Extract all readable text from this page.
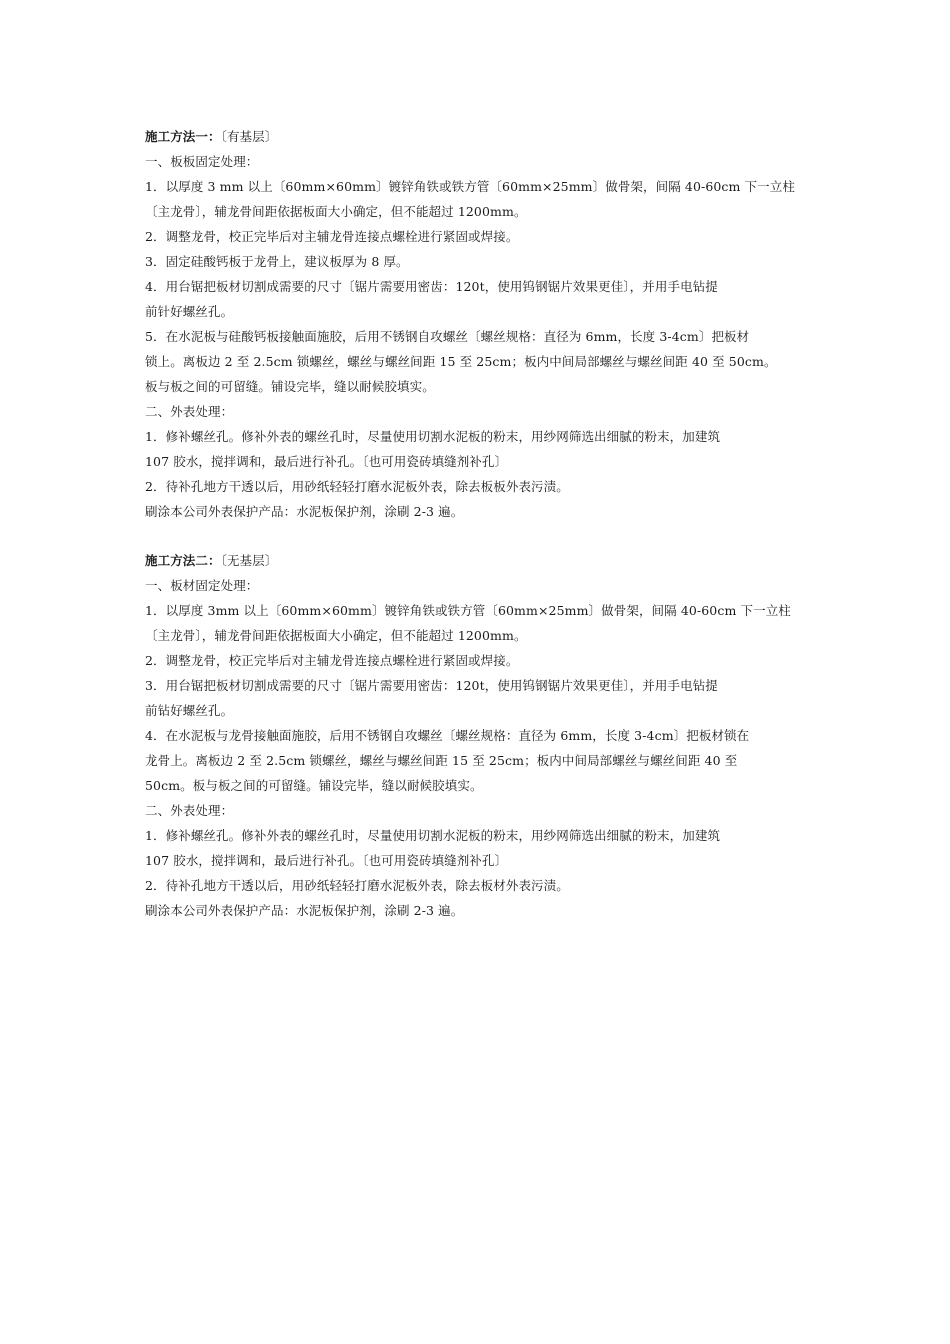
施工方法一：〔有基层〕
一、板板固定处理：
1．以厚度 3 mm 以上〔60mm×60mm〕镀锌角铁或铁方管〔60mm×25mm〕做骨架，间隔 40-60cm 下一立柱
〔主龙骨〕，辅龙骨间距依据板面大小确定，但不能超过 1200mm。
2．调整龙骨，校正完毕后对主辅龙骨连接点螺栓进行紧固或焊接。
3．固定硅酸钙板于龙骨上，建议板厚为 8 厚。
4．用台锯把板材切割成需要的尺寸〔锯片需要用密齿：120t，使用钨钢锯片效果更佳〕，并用手电钻提
前针好螺丝孔。
5．在水泥板与硅酸钙板接触面施胶，后用不锈钢自攻螺丝〔螺丝规格：直径为 6mm，长度 3-4cm〕把板材
锁上。离板边 2 至 2.5cm 锁螺丝，螺丝与螺丝间距 15 至 25cm；板内中间局部螺丝与螺丝间距 40 至 50cm。
板与板之间的可留缝。铺设完毕，缝以耐候胶填实。
二、外表处理：
1．修补螺丝孔。修补外表的螺丝孔时，尽量使用切割水泥板的粉末，用纱网筛选出细腻的粉末，加建筑
107 胶水，搅拌调和，最后进行补孔。〔也可用瓷砖填缝剂补孔〕
2．待补孔地方干透以后，用砂纸轻轻打磨水泥板外表，除去板板外表污渍。
刷涂本公司外表保护产品：水泥板保护剂，涂刷 2-3 遍。
施工方法二：〔无基层〕
一、板材固定处理：
1．以厚度 3mm 以上〔60mm×60mm〕镀锌角铁或铁方管〔60mm×25mm〕做骨架，间隔 40-60cm 下一立柱
〔主龙骨〕，辅龙骨间距依据板面大小确定，但不能超过 1200mm。
2．调整龙骨，校正完毕后对主辅龙骨连接点螺栓进行紧固或焊接。
3．用台锯把板材切割成需要的尺寸〔锯片需要用密齿：120t，使用钨钢锯片效果更佳〕，并用手电钻提
前钻好螺丝孔。
4．在水泥板与龙骨接触面施胶，后用不锈钢自攻螺丝〔螺丝规格：直径为 6mm，长度 3-4cm〕把板材锁在
龙骨上。离板边 2 至 2.5cm 锁螺丝，螺丝与螺丝间距 15 至 25cm；板内中间局部螺丝与螺丝间距 40 至
50cm。板与板之间的可留缝。铺设完毕，缝以耐候胶填实。
二、外表处理：
1．修补螺丝孔。修补外表的螺丝孔时，尽量使用切割水泥板的粉末，用纱网筛选出细腻的粉末，加建筑
107 胶水，搅拌调和，最后进行补孔。〔也可用瓷砖填缝剂补孔〕
2．待补孔地方干透以后，用砂纸轻轻打磨水泥板外表，除去板材外表污渍。
刷涂本公司外表保护产品：水泥板保护剂，涂刷 2-3 遍。
